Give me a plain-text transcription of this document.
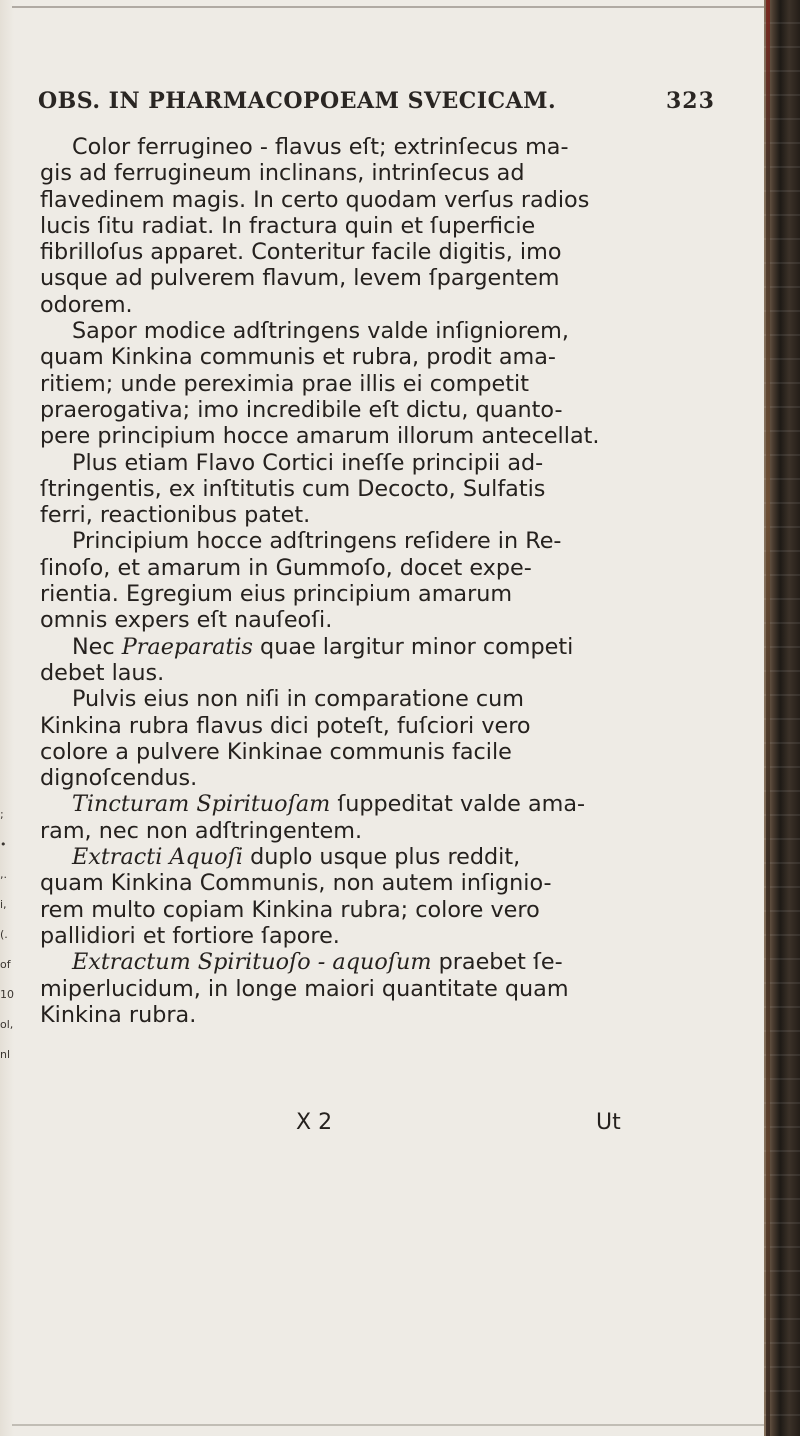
;
•
,.
i,
(.
of
10
ol,
nl
OBS. IN PHARMACOPOEAM SVECICAM.	323
Color ferrugineo - flavus eſt; extrinſecus ma-
gis ad ferrugineum inclinans, intrinſecus ad
flavedinem magis. In certo quodam verſus radios
lucis ſitu radiat. In fractura quin et ſuperficie
fibrilloſus apparet. Conteritur facile digitis, imo
usque ad pulverem flavum, levem ſpargentem
odorem.
Sapor modice adſtringens valde inſigniorem,
quam Kinkina communis et rubra, prodit ama-
ritiem; unde pereximia prae illis ei competit
praerogativa; imo incredibile eſt dictu, quanto-
pere principium hocce amarum illorum antecellat.
Plus etiam Flavo Cortici ineſſe principii ad-
ſtringentis, ex inſtitutis cum Decocto, Sulfatis
ferri, reactionibus patet.
Principium hocce adſtringens reſidere in Re-
ſinoſo, et amarum in Gummoſo, docet expe-
rientia. Egregium eius principium amarum
omnis expers eſt nauſeoſi.
Nec Praeparatis quae largitur minor competi
debet laus.
Pulvis eius non niſi in comparatione cum
Kinkina rubra flavus dici poteſt, fuſciori vero
colore a pulvere Kinkinae communis facile
dignoſcendus.
Tincturam Spirituoſam ſuppeditat valde ama-
ram, nec non adſtringentem.
Extracti Aquoſi duplo usque plus reddit,
quam Kinkina Communis, non autem inſignio-
rem multo copiam Kinkina rubra; colore vero
pallidiori et fortiore ſapore.
Extractum Spirituoſo - aquoſum praebet ſe-
miperlucidum, in longe maiori quantitate quam
Kinkina rubra.
X 2	Ut
